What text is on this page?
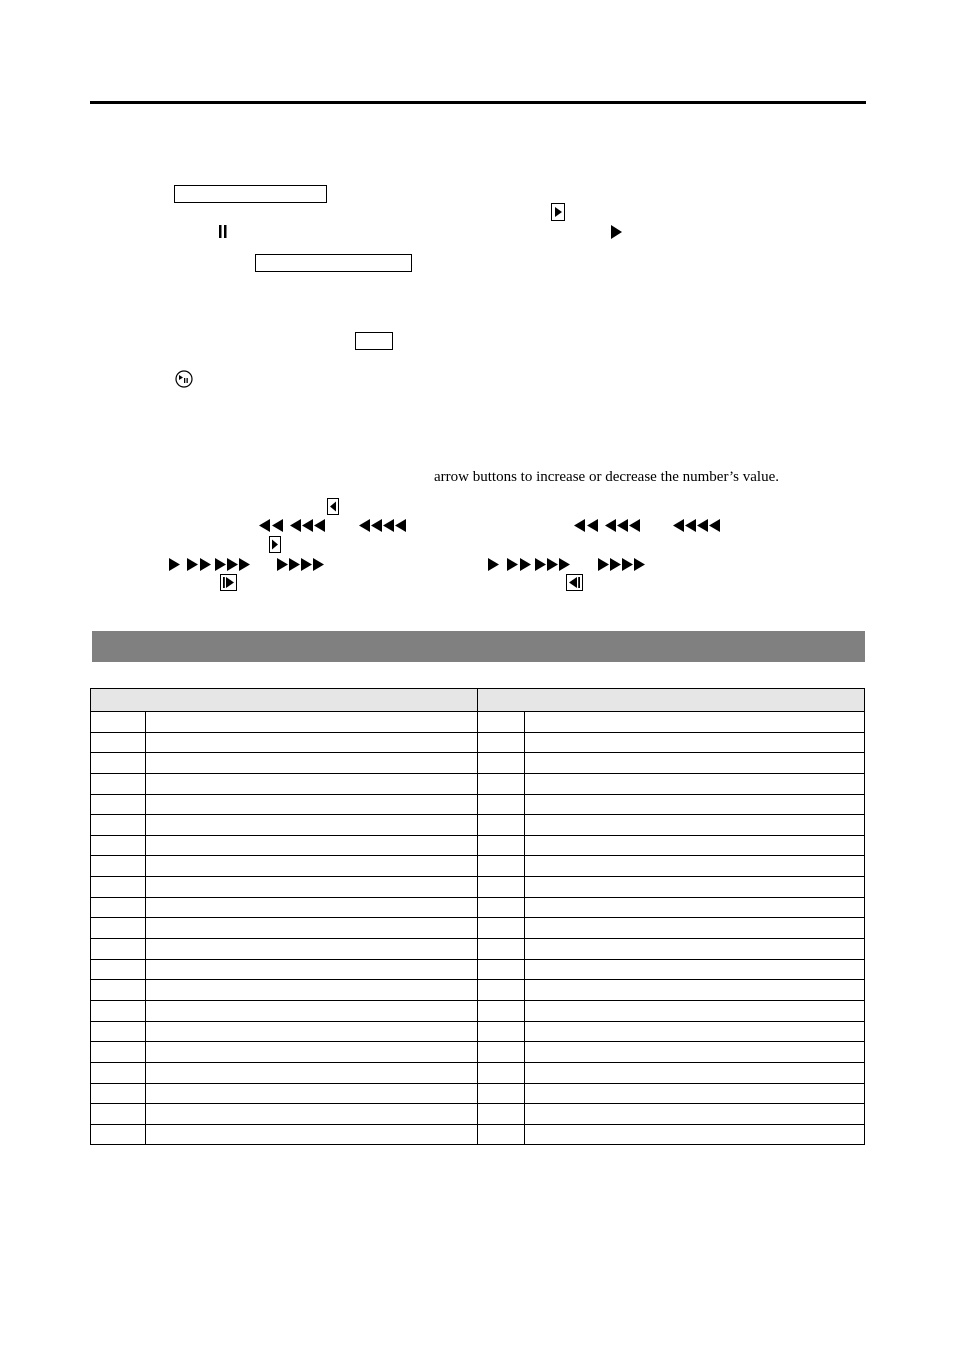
arrow buttons to increase or decrease the number’s value.
